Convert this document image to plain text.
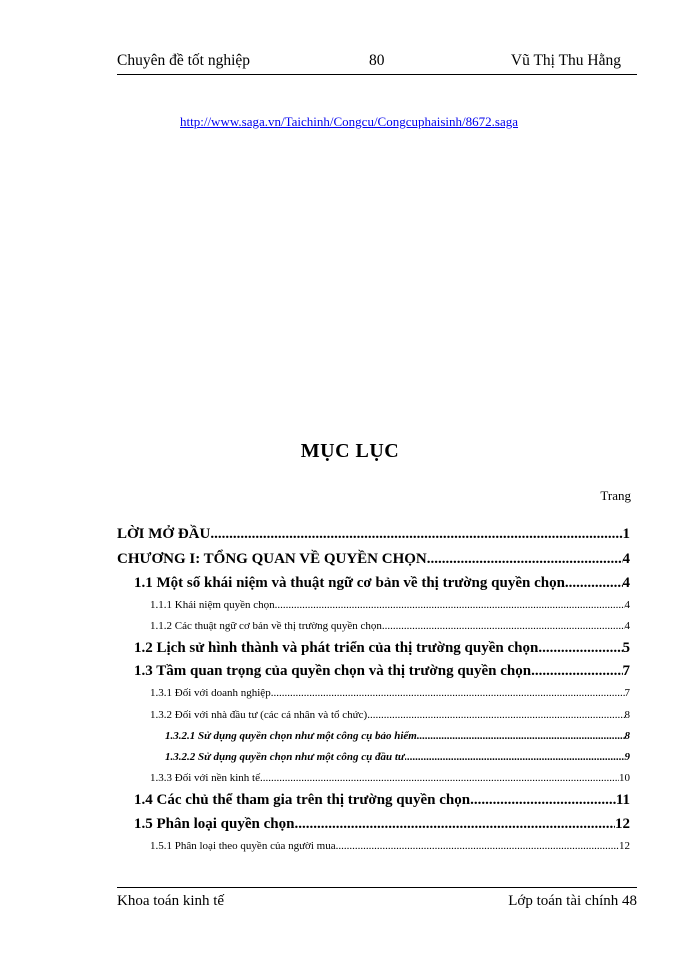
Chuyên đề tốt nghiệp	80	Vũ Thị Thu Hằng
http://www.saga.vn/Taichinh/Congcu/Congcuphaisinh/8672.saga
MỤC LỤC
Trang
LỜI MỞ ĐẦU .....	1
CHƯƠNG I: TỔNG QUAN VỀ QUYỀN CHỌN .....	4
1.1 Một số khái niệm và thuật ngữ cơ bản về thị trường quyền chọn .....	4
1.1.1 Khái niệm quyền chọn .....	4
1.1.2 Các thuật ngữ cơ bản về thị trường quyền chọn .....	4
1.2 Lịch sử hình thành và phát triển của thị trường quyền chọn .....	5
1.3 Tầm quan trọng của quyền chọn và thị trường quyền chọn .....	7
1.3.1 Đối với doanh nghiệp .....	7
1.3.2 Đối với nhà đầu tư (các cá nhân và tổ chức) .....	8
1.3.2.1 Sử dụng quyền chọn như một công cụ bảo hiểm .....	8
1.3.2.2 Sử dụng quyền chọn như một công cụ đầu tư .....	9
1.3.3 Đối với nền kinh tế .....	10
1.4 Các chủ thể tham gia trên thị trường quyền chọn .....	11
1.5 Phân loại quyền chọn .....	12
1.5.1 Phân loại theo quyền của người mua .....	12
Khoa toán kinh tế	Lớp toán tài chính 48
